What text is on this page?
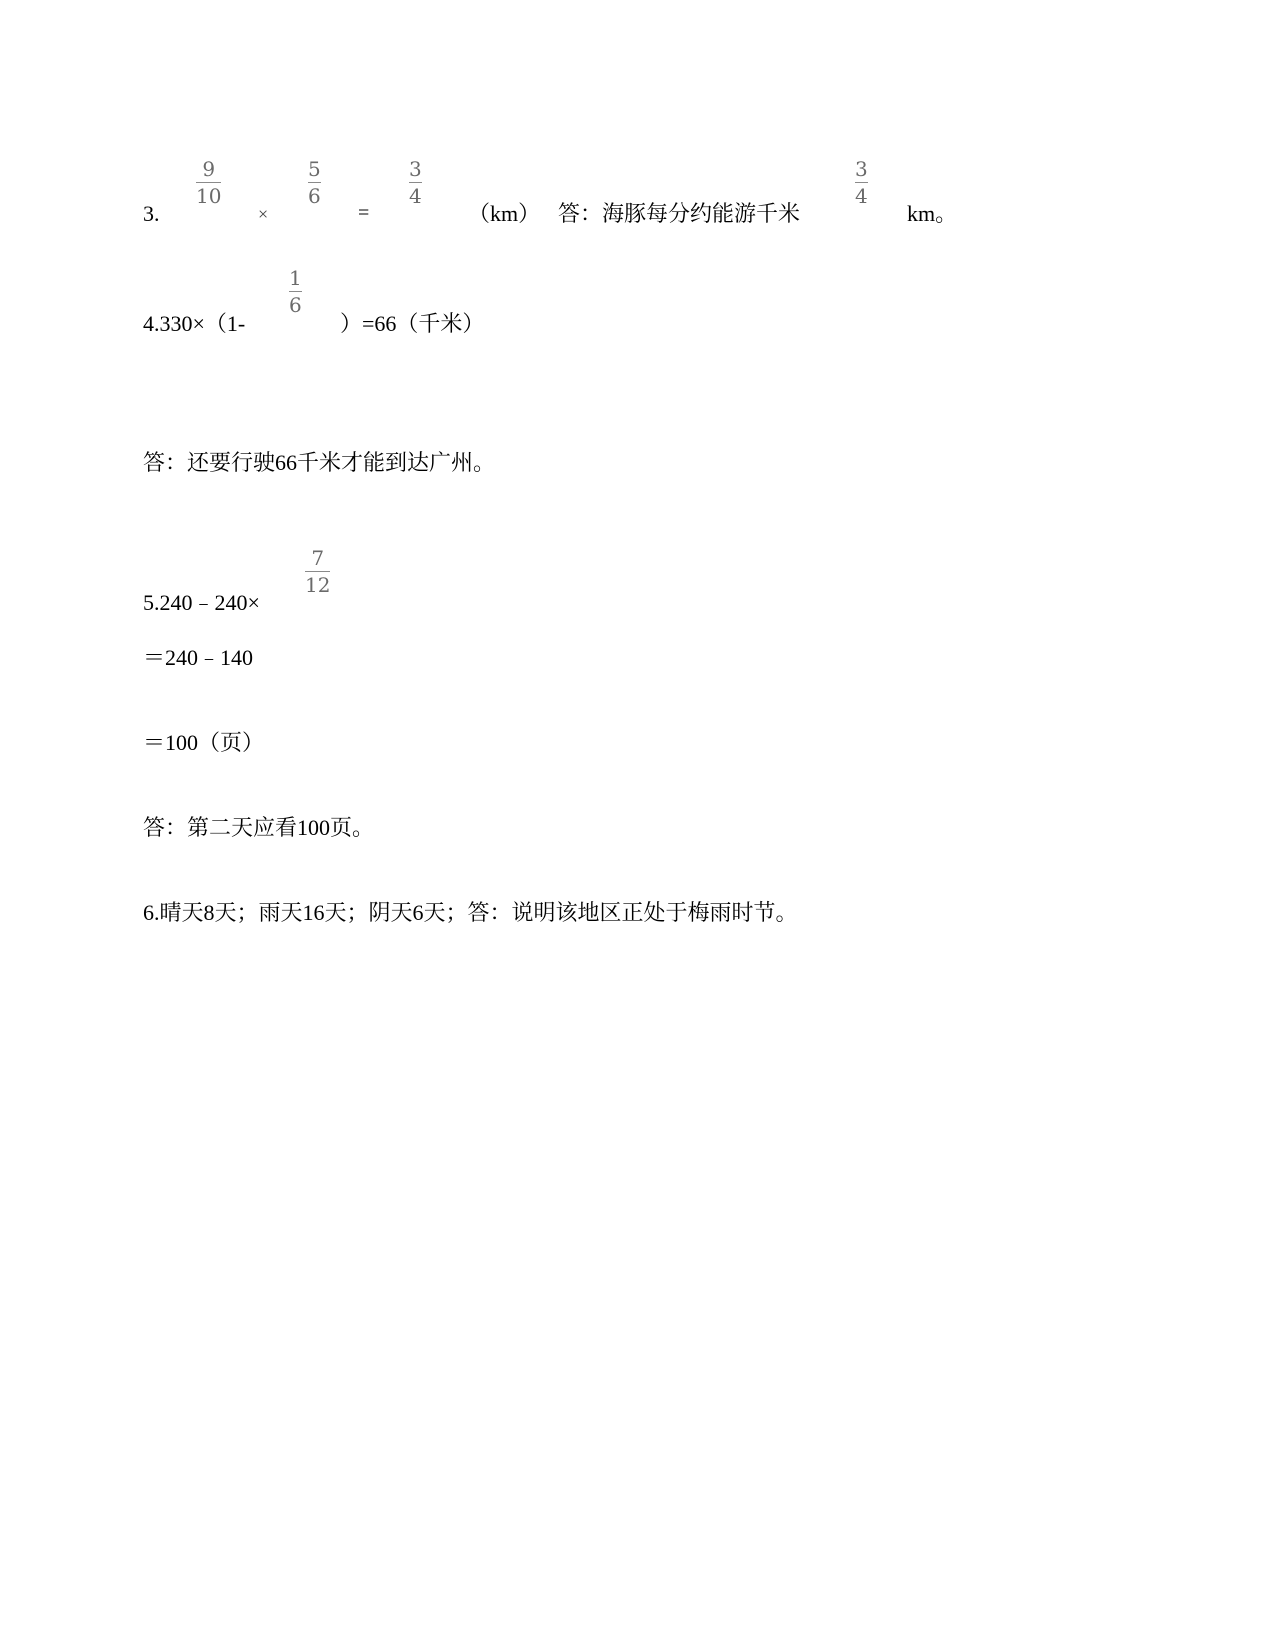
3.
9
10
×
5
6
=
3
4
（km） 答：海豚每分约能游千米
3
4
km。
4.330×（1-
1
6
）=66（千米）
答：还要行驶66千米才能到达广州。
5.240﹣240×
7
12
＝240﹣140
＝100（页）
答：第二天应看100页。
6.晴天8天；雨天16天；阴天6天；答：说明该地区正处于梅雨时节。
